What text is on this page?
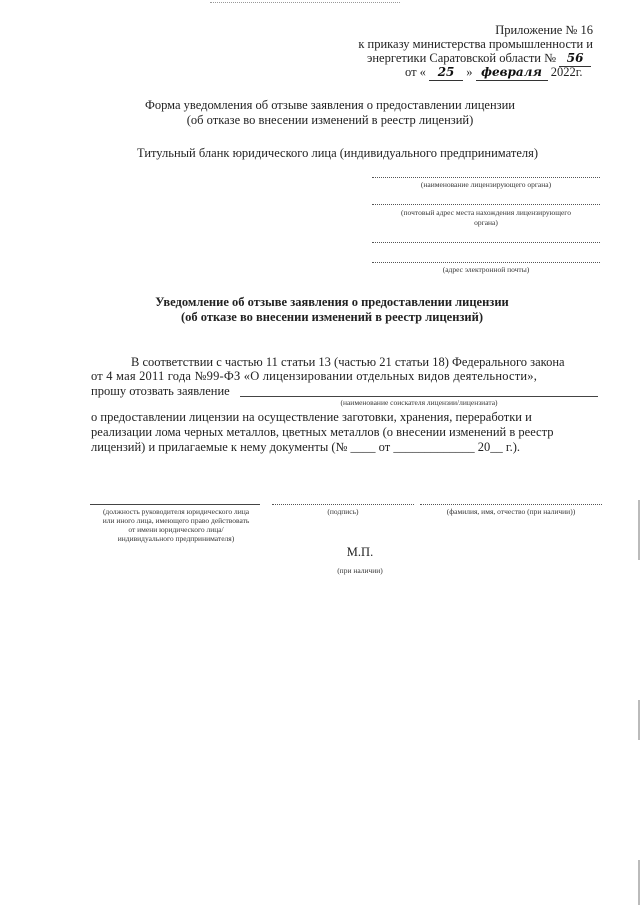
Приложение № 16
к приказу министерства промышленности и
энергетики Саратовской области № 56
от « 25 » февраля 2022г.
Форма уведомления об отзыве заявления о предоставлении лицензии
(об отказе во внесении изменений в реестр лицензий)
Титульный бланк юридического лица (индивидуального предпринимателя)
(наименование лицензирующего органа)
(почтовый адрес места нахождения лицензирующего
органа)
(адрес электронной почты)
Уведомление об отзыве заявления о предоставлении лицензии
(об отказе во внесении изменений в реестр лицензий)
В соответствии с частью 11 статьи 13 (частью 21 статьи 18) Федерального закона
от 4 мая 2011 года №99-ФЗ «О лицензировании отдельных видов деятельности»,
прошу отозвать заявление
(наименование соискателя лицензии/лицензиата)
о предоставлении лицензии на осуществление заготовки, хранения, переработки и
реализации лома черных металлов, цветных металлов (о внесении изменений в реестр
лицензий) и прилагаемые к нему документы (№ ____ от _____________ 20__ г.).
(должность руководителя юридического лица
или иного лица, имеющего право действовать
от имени юридического лица/
индивидуального предпринимателя)
(подпись)	(фамилия, имя, отчество (при наличии))
М.П.
(при наличии)
